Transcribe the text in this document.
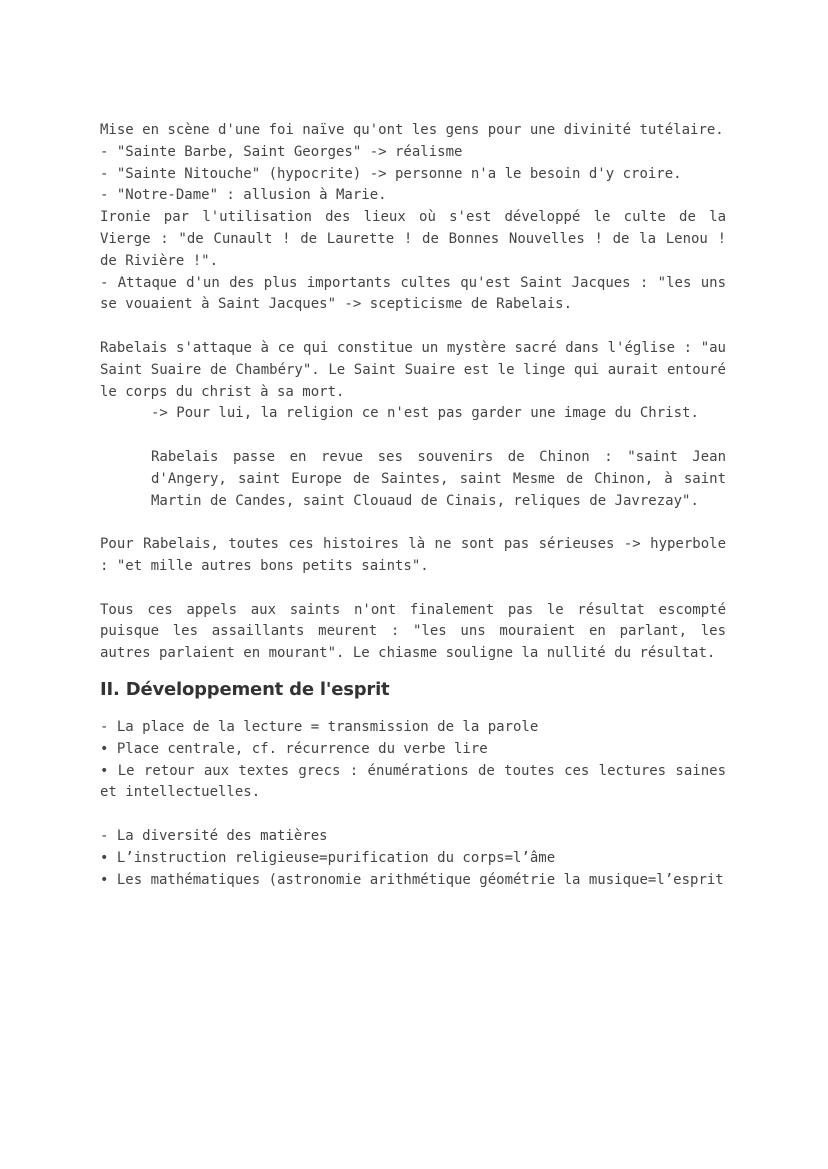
Mise en scène d'une foi naïve qu'ont les gens pour une divinité tutélaire.

- "Sainte Barbe, Saint Georges" -> réalisme

- "Sainte Nitouche" (hypocrite) -> personne n'a le besoin d'y croire.

- "Notre-Dame" : allusion à Marie.

Ironie par l'utilisation des lieux où s'est développé le culte de la Vierge : "de Cunault ! de Laurette ! de Bonnes Nouvelles ! de la Lenou ! de Rivière !".

- Attaque d'un des plus importants cultes qu'est Saint Jacques : "les uns se vouaient à Saint Jacques" -> scepticisme de Rabelais.

Rabelais s'attaque à ce qui constitue un mystère sacré dans l'église : "au Saint Suaire de Chambéry". Le Saint Suaire est le linge qui aurait entouré le corps du christ à sa mort.

-> Pour lui, la religion ce n'est pas garder une image du Christ.

Rabelais passe en revue ses souvenirs de Chinon : "saint Jean d'Angery, saint Europe de Saintes, saint Mesme de Chinon, à saint Martin de Candes, saint Clouaud de Cinais, reliques de Javrezay".

Pour Rabelais, toutes ces histoires là ne sont pas sérieuses -> hyperbole : "et mille autres bons petits saints".

Tous ces appels aux saints n'ont finalement pas le résultat escompté puisque les assaillants meurent : "les uns mouraient en parlant, les autres parlaient en mourant". Le chiasme souligne la nullité du résultat.

II. Développement de l'esprit

- La place de la lecture = transmission de la parole

• Place centrale, cf. récurrence du verbe lire

• Le retour aux textes grecs : énumérations de toutes ces lectures saines et intellectuelles.

- La diversité des matières

• L’instruction religieuse=purification du corps=l’âme

• Les mathématiques (astronomie arithmétique géométrie la musique=l’esprit
